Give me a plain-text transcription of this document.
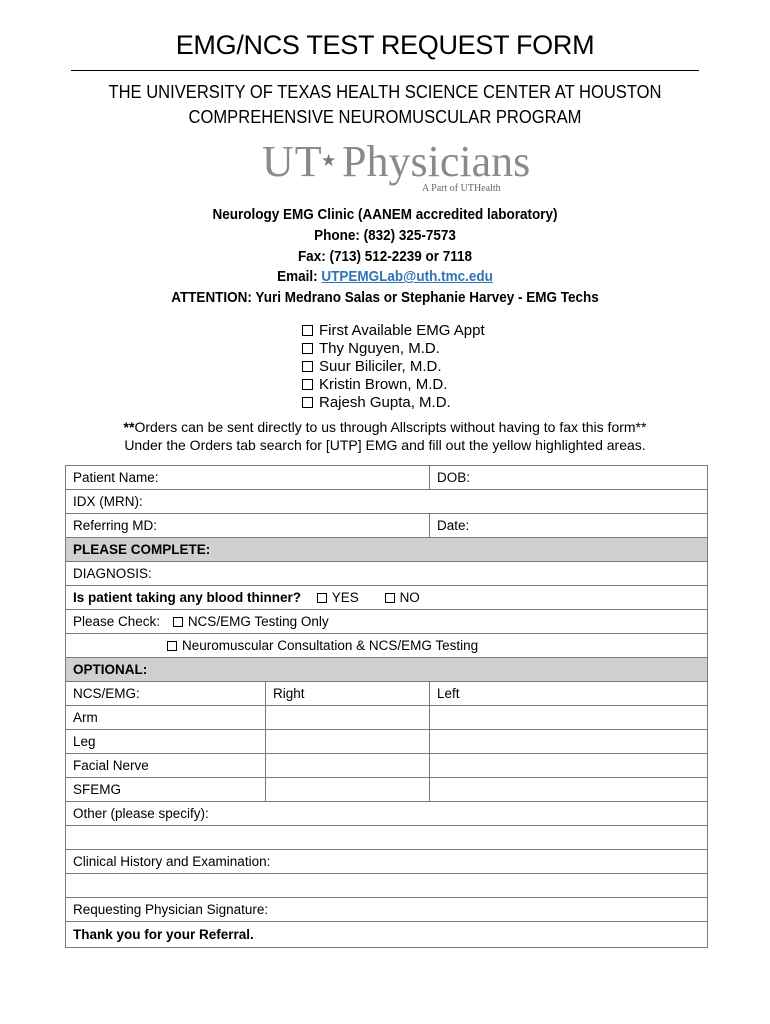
EMG/NCS TEST REQUEST FORM
THE UNIVERSITY OF TEXAS HEALTH SCIENCE CENTER AT HOUSTON
COMPREHENSIVE NEUROMUSCULAR PROGRAM
UT
★ Physicians
A Part of UTHealth
Neurology EMG Clinic (AANEM accredited laboratory)
Phone: (832) 325-7573
Fax: (713) 512-2239 or 7118
Email: UTPEMGLab@uth.tmc.edu
ATTENTION: Yuri Medrano Salas or Stephanie Harvey - EMG Techs
First Available EMG Appt
Thy Nguyen, M.D.
Suur Biliciler, M.D.
Kristin Brown, M.D.
Rajesh Gupta, M.D.
**Orders can be sent directly to us through Allscripts without having to fax this form**
Under the Orders tab search for [UTP] EMG and fill out the yellow highlighted areas.
Patient Name:		DOB:
IDX (MRN):		
Referring MD:		Date:
PLEASE COMPLETE:		
DIAGNOSIS:		
Is patient taking any blood thinner? YES NO		
Please Check: NCS/EMG Testing Only		
Neuromuscular Consultation & NCS/EMG Testing		
OPTIONAL:		
NCS/EMG:	Right	Left
Arm		
Leg		
Facial Nerve		
SFEMG		
Other (please specify):		

Clinical History and Examination:		

Requesting Physician Signature:		
Thank you for your Referral.		
